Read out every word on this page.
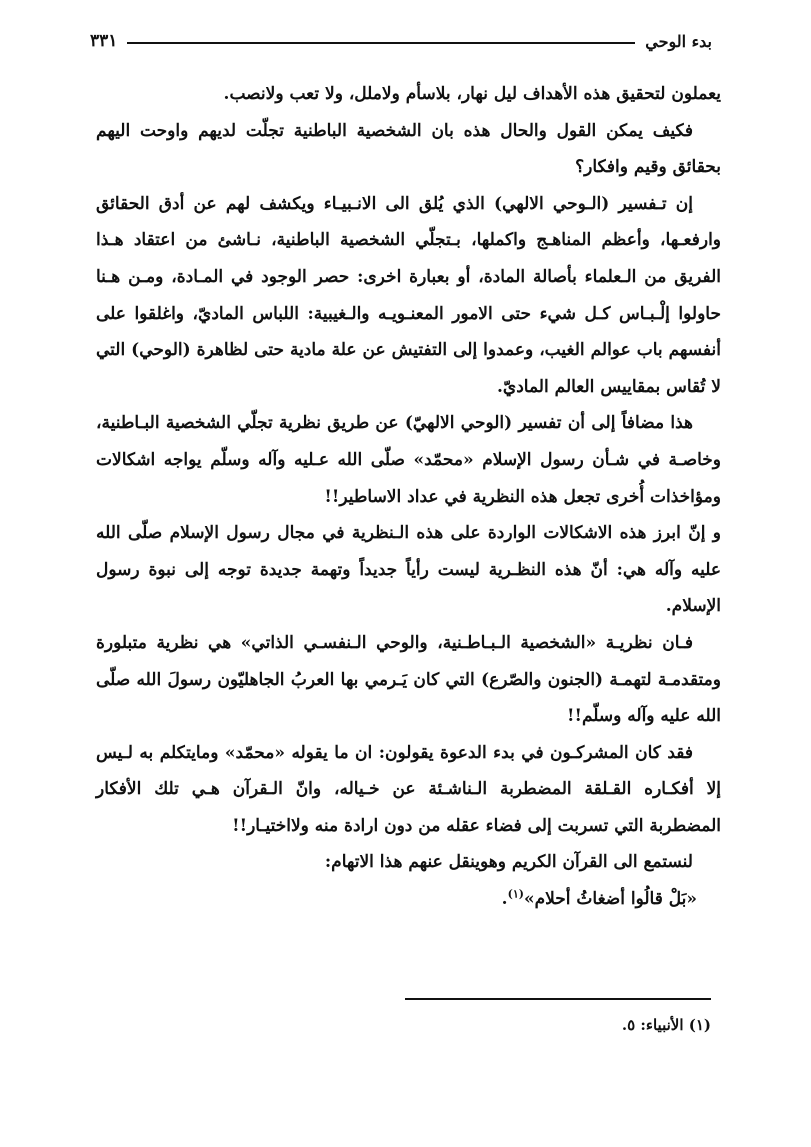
بدء الوحي
٣٣١

يعملون لتحقيق هذه الأهداف ليل نهار، بلاسأم ولاملل، ولا تعب ولانصب.

فكيف يمكن القول والحال هذه بان الشخصية الباطنية تجلّت لديهم واوحت اليهم بحقائق وقيم وافكار؟

إن تـفسير (الـوحي الالهي) الذي يُلق الى الانـبيـاء ويكشف لهم عن أدق الحقائق وارفعـها، وأعظم المناهـج واكملها، بـتجلّي الشخصية الباطنية، نـاشئ من اعتقاد هـذا الفريق من الـعلماء بأصالة المادة، أو بعبارة اخرى: حصر الوجود في المـادة، ومـن هـنا حاولوا إلْـبـاس كـل شيء حتى الامور المعنـويـه والـغيبية: اللباس الماديّ، واغلقوا على أنفسهم باب عوالم الغيب، وعمدوا إلى التفتيش عن علة مادية حتى لظاهرة (الوحي) التي لا تُقاس بمقاييس العالم الماديّ.

هذا مضافاً إلى أن تفسير (الوحي الالهيّ) عن طريق نظرية تجلّي الشخصية البـاطنية، وخاصـة في شـأن رسول الإسلام «محمّد» صلّى الله عـليه وآله وسلّم يواجه اشكالات ومؤاخذات أُخرى تجعل هذه النظرية في عداد الاساطير!!

و إنّ ابرز هذه الاشكالات الواردة على هذه الـنظرية في مجال رسول الإسلام صلّى الله عليه وآله هي: أنّ هذه النظـرية ليست رأياً جديداً وتهمة جديدة توجه إلى نبوة رسول الإسلام.

فـان نظريـة «الشخصية الـبـاطـنية، والوحي الـنفسـي الذاتي» هي نظرية متبلورة ومتقدمـة لتهمـة (الجنون والصّرع) التي كان يَـرمي بها العربُ الجاهليّون رسولَ الله صلّى الله عليه وآله وسلّم!!

فقد كان المشركـون في بدء الدعوة يقولون: ان ما يقوله «محمّد» ومايتكلم به لـيس إلا أفكـاره القـلقة المضطربة الـناشـئة عن خـياله، وانّ الـقرآن هـي تلك الأفكار المضطربة التي تسربت إلى فضاء عقله من دون ارادة منه ولااختيـار!!

لنستمع الى القرآن الكريم وهوينقل عنهم هذا الاتهام:

«بَلْ قالُوا أضغاثُ أحلام»$^{(١)}$.

(١) الأنبياء: ٥.
